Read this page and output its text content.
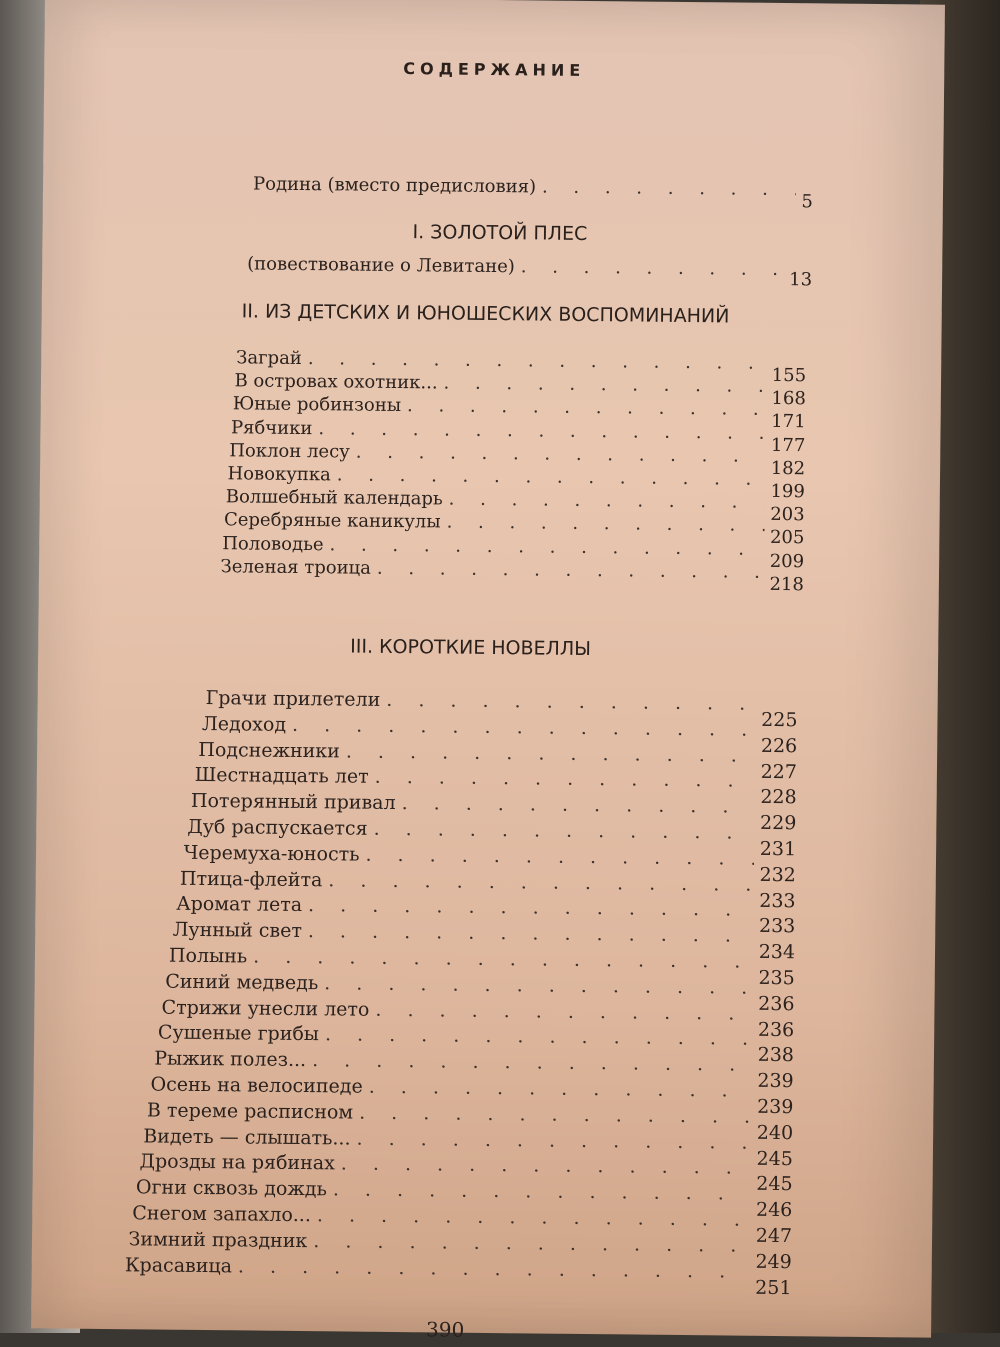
СОДЕРЖАНИЕ
Родина (вместо предисловия)
. . .
5
I. ЗОЛОТОЙ ПЛЕС
(повествование о Левитане)
. . .
13
II. ИЗ ДЕТСКИХ И ЮНОШЕСКИХ ВОСПОМИНАНИЙ
Заграй
. . .
155
В островах охотник...
. . .
168
Юные робинзоны
. . .
171
Рябчики
. . .
177
Поклон лесу
. . .
182
Новокупка
. . .
199
Волшебный календарь
. . .
203
Серебряные каникулы
. . .
205
Половодье
. . .
209
Зеленая троица
. . .
218
III. КОРОТКИЕ НОВЕЛЛЫ
Грачи прилетели
. . .
225
Ледоход
. . .
226
Подснежники
. . .
227
Шестнадцать лет
. . .
228
Потерянный привал
. . .
229
Дуб распускается
. . .
231
Черемуха-юность
. . .
232
Птица-флейта
. . .
233
Аромат лета
. . .
233
Лунный свет
. . .
234
Полынь
. . .
235
Синий медведь
. . .
236
Стрижи унесли лето
. . .
236
Сушеные грибы
. . .
238
Рыжик полез...
. . .
239
Осень на велосипеде
. . .
239
В тереме расписном
. . .
240
Видеть — слышать...
. . .
245
Дрозды на рябинах
. . .
245
Огни сквозь дождь
. . .
246
Снегом запахло...
. . .
247
Зимний праздник
. . .
249
Красавица
. . .
251
390
